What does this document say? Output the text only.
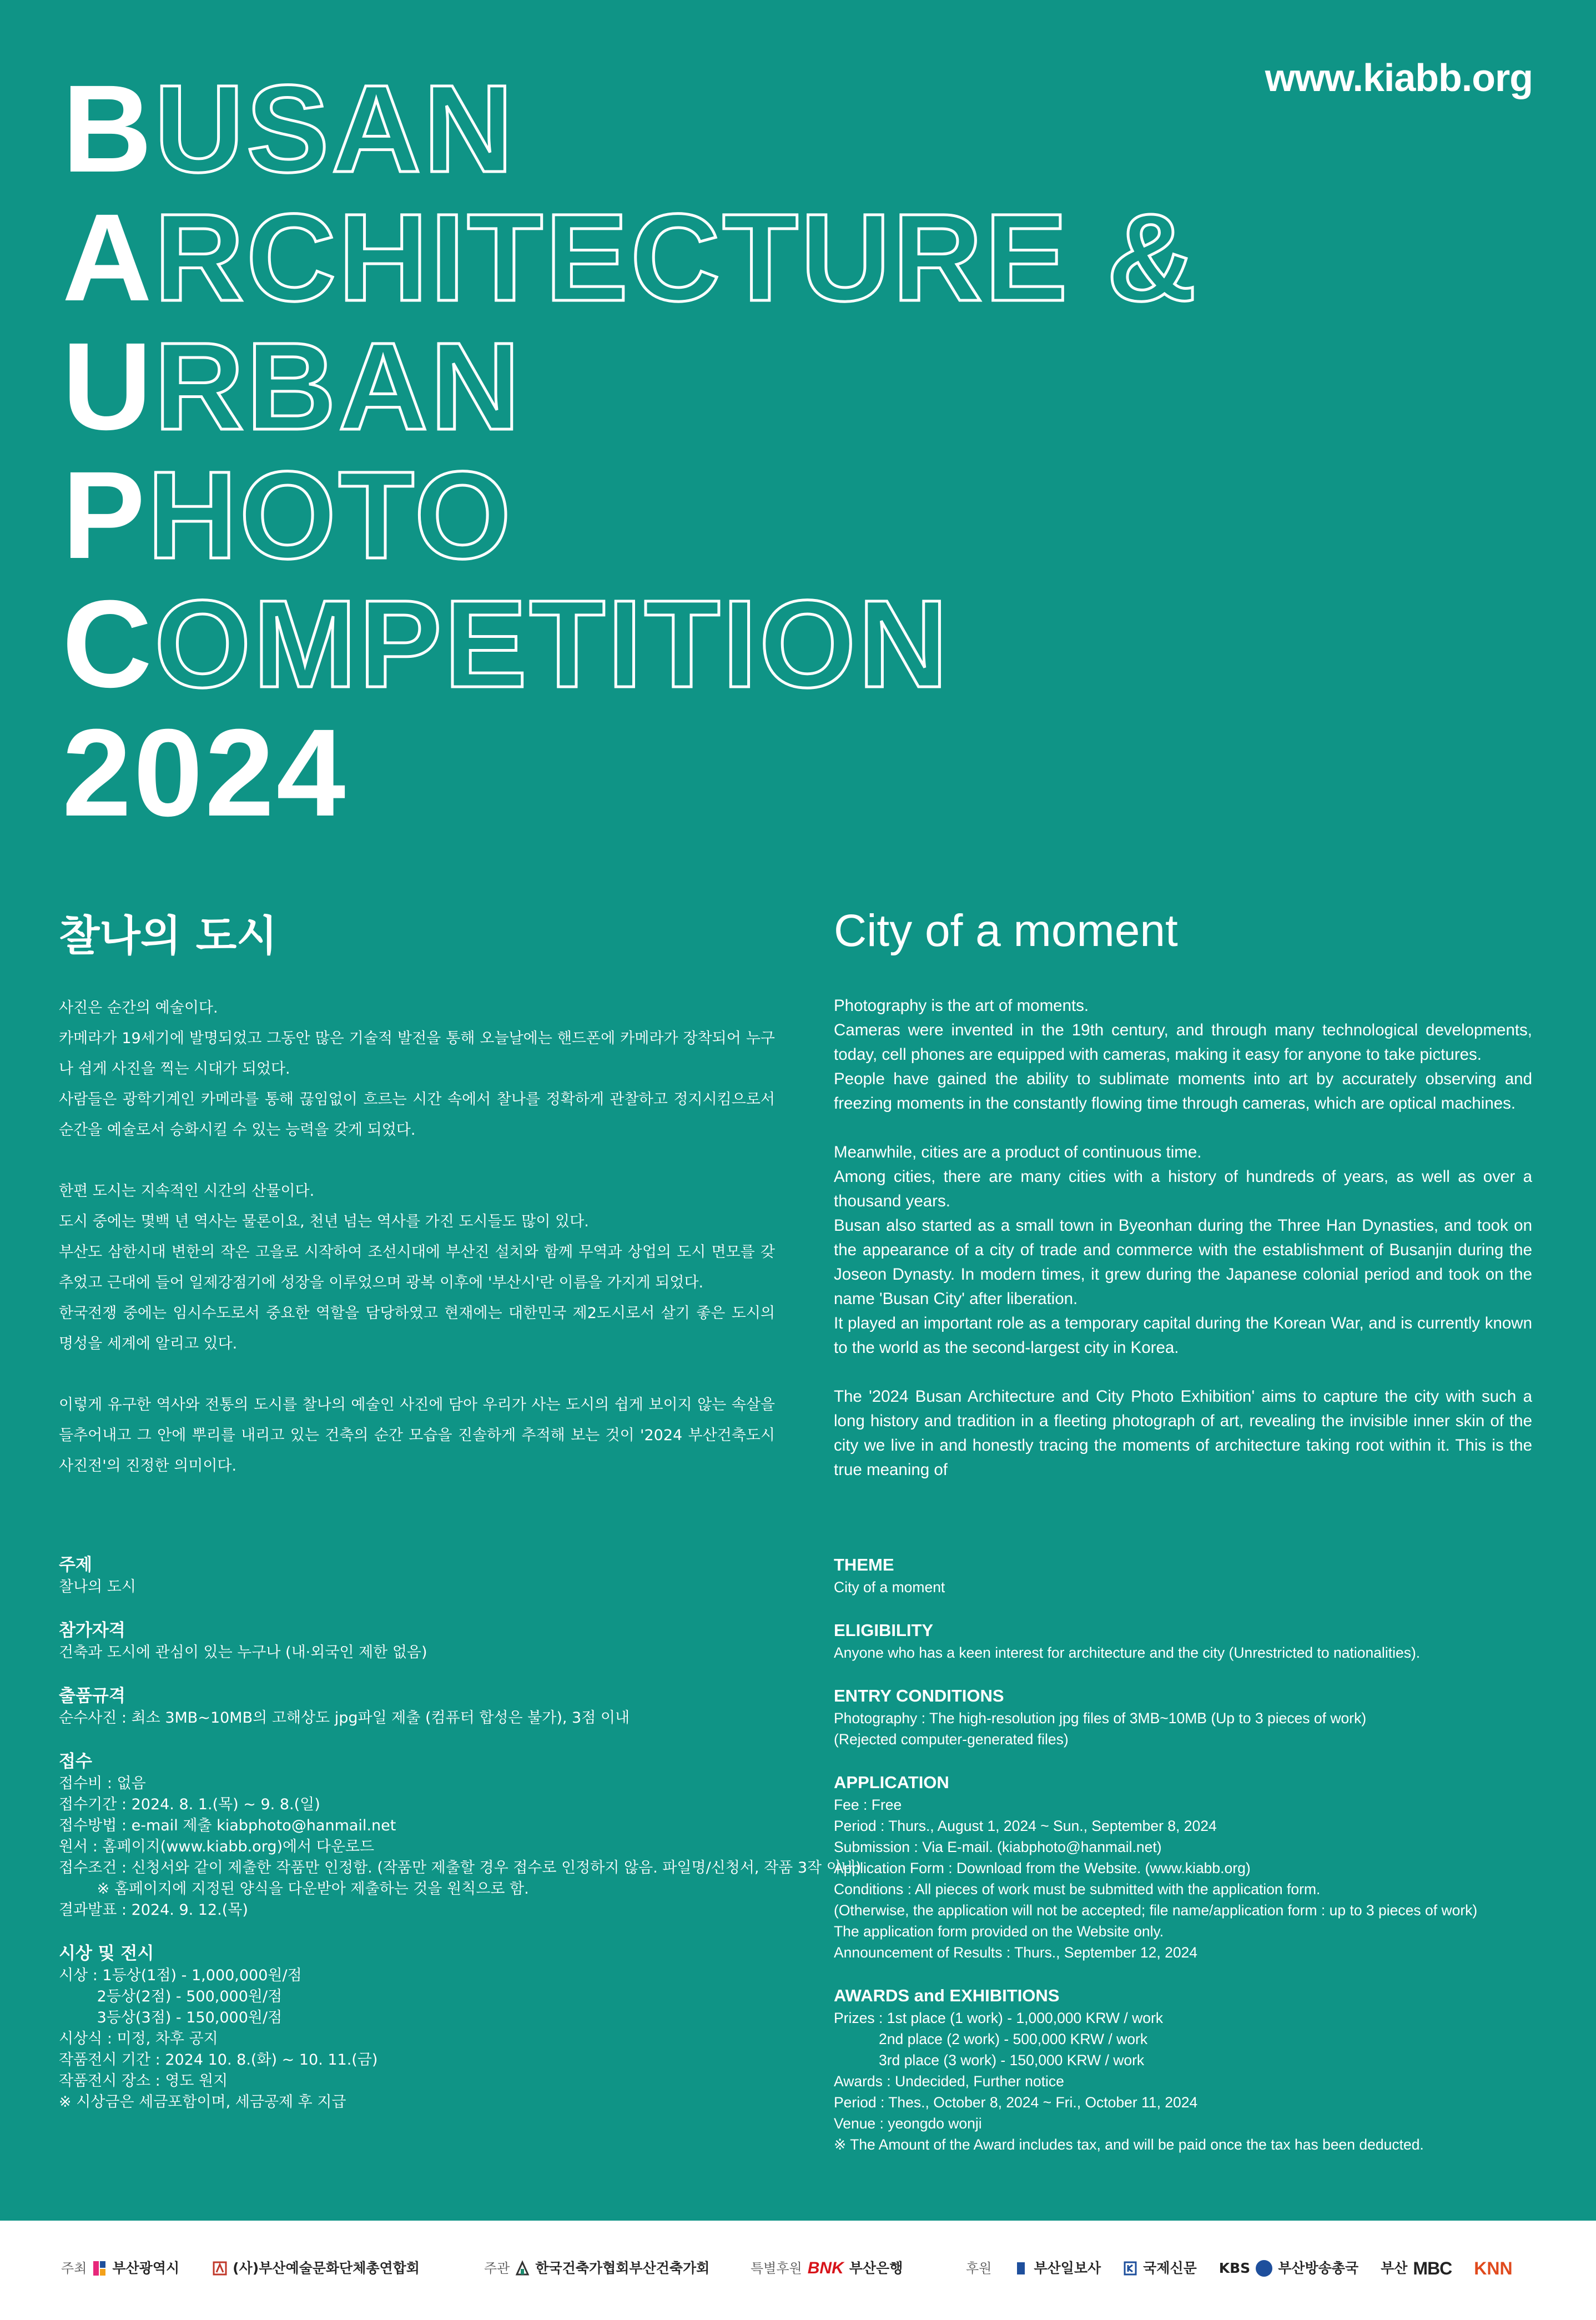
www.kiabb.org
BUSAN
ARCHITECTURE &
URBAN
PHOTO
COMPETITION
2024
찰나의 도시	City of a moment

사진은 순간의 예술이다.

카메라가 19세기에 발명되었고 그동안 많은 기술적 발전을 통해 오늘날에는 핸드폰에 카메라가 장착되어 누구나 쉽게 사진을 찍는 시대가 되었다.

사람들은 광학기계인 카메라를 통해 끊임없이 흐르는 시간 속에서 찰나를 정확하게 관찰하고 정지시킴으로서 순간을 예술로서 승화시킬 수 있는 능력을 갖게 되었다.

한편 도시는 지속적인 시간의 산물이다.

도시 중에는 몇백 년 역사는 물론이요, 천년 넘는 역사를 가진 도시들도 많이 있다.

부산도 삼한시대 변한의 작은 고을로 시작하여 조선시대에 부산진 설치와 함께 무역과 상업의 도시 면모를 갖추었고 근대에 들어 일제강점기에 성장을 이루었으며 광복 이후에 '부산시'란 이름을 가지게 되었다.

한국전쟁 중에는 임시수도로서 중요한 역할을 담당하였고 현재에는 대한민국 제2도시로서 살기 좋은 도시의 명성을 세계에 알리고 있다.

이렇게 유구한 역사와 전통의 도시를 찰나의 예술인 사진에 담아 우리가 사는 도시의 쉽게 보이지 않는 속살을 들추어내고 그 안에 뿌리를 내리고 있는 건축의 순간 모습을 진솔하게 추적해 보는 것이 '2024 부산건축도시사진전'의 진정한 의미이다.

Photography is the art of moments.

Cameras were invented in the 19th century, and through many technological developments, today, cell phones are equipped with cameras, making it easy for anyone to take pictures.

People have gained the ability to sublimate moments into art by accurately observing and freezing moments in the constantly flowing time through cameras, which are optical machines.

Meanwhile, cities are a product of continuous time.

Among cities, there are many cities with a history of hundreds of years, as well as over a thousand years.

Busan also started as a small town in Byeonhan during the Three Han Dynasties, and took on the appearance of a city of trade and commerce with the establishment of Busanjin during the Joseon Dynasty. In modern times, it grew during the Japanese colonial period and took on the name 'Busan City' after liberation.

It played an important role as a temporary capital during the Korean War, and is currently known to the world as the second-largest city in Korea.

The '2024 Busan Architecture and City Photo Exhibition' aims to capture the city with such a long history and tradition in a fleeting photograph of art, revealing the invisible inner skin of the city we live in and honestly tracing the moments of architecture taking root within it. This is the true meaning of

주제
찰나의 도시
참가자격
건축과 도시에 관심이 있는 누구나 (내·외국인 제한 없음)
출품규격
순수사진 : 최소 3MB~10MB의 고해상도 jpg파일 제출 (컴퓨터 합성은 불가), 3점 이내
접수
접수비 : 없음
접수기간 : 2024. 8. 1.(목) ~ 9. 8.(일)
접수방법 : e-mail 제출 kiabphoto@hanmail.net
원서 : 홈페이지(www.kiabb.org)에서 다운로드
접수조건 : 신청서와 같이 제출한 작품만 인정함. (작품만 제출할 경우 접수로 인정하지 않음. 파일명/신청서, 작품 3작 이내)
※ 홈페이지에 지정된 양식을 다운받아 제출하는 것을 원칙으로 함.
결과발표 : 2024. 9. 12.(목)
시상 및 전시
시상 : 1등상(1점) - 1,000,000원/점
2등상(2점) - 500,000원/점
3등상(3점) - 150,000원/점
시상식 : 미정, 차후 공지
작품전시 기간 : 2024 10. 8.(화) ~ 10. 11.(금)
작품전시 장소 : 영도 원지
※ 시상금은 세금포함이며, 세금공제 후 지급
THEME
City of a moment
ELIGIBILITY
Anyone who has a keen interest for architecture and the city (Unrestricted to nationalities).
ENTRY CONDITIONS
Photography : The high-resolution jpg files of 3MB~10MB (Up to 3 pieces of work)
(Rejected computer-generated files)
APPLICATION
Fee : Free
Period : Thurs., August 1, 2024 ~ Sun., September 8, 2024
Submission : Via E-mail. (kiabphoto@hanmail.net)
Application Form : Download from the Website. (www.kiabb.org)
Conditions : All pieces of work must be submitted with the application form.
(Otherwise, the application will not be accepted; file name/application form : up to 3 pieces of work)
The application form provided on the Website only.
Announcement of Results : Thurs., September 12, 2024
AWARDS and EXHIBITIONS
Prizes : 1st place (1 work) - 1,000,000 KRW / work
2nd place (2 work) - 500,000 KRW / work
3rd place (3 work) - 150,000 KRW / work
Awards : Undecided, Further notice
Period : Thes., October 8, 2024 ~ Fri., October 11, 2024
Venue : yeongdo wonji
※ The Amount of the Award includes tax, and will be paid once the tax has been deducted.
주최 부산광역시	(사)부산예술문화단체총연합회	주관 한국건축가협회부산건축가회	특별후원 BNK 부산은행	후원	부산일보사	국제신문 KBS 부산방송총국 부산 MBC KNN
